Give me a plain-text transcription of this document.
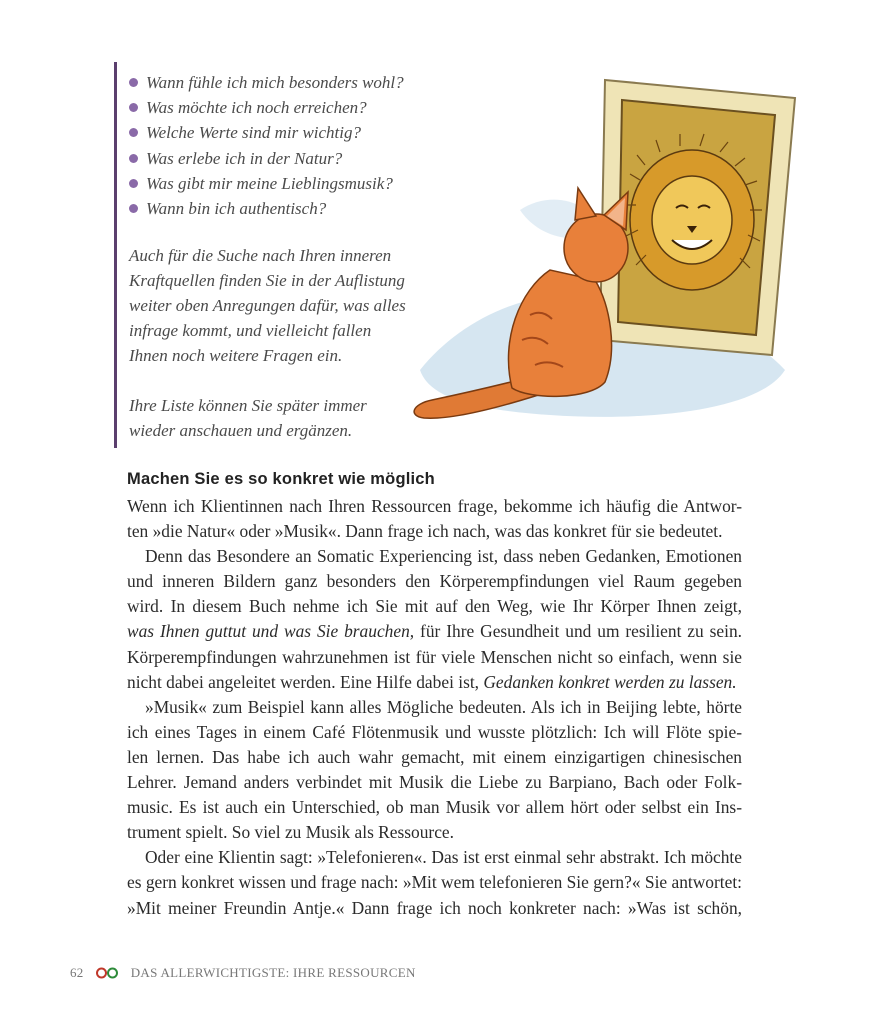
Wann fühle ich mich besonders wohl?
Was möchte ich noch erreichen?
Welche Werte sind mir wichtig?
Was erlebe ich in der Natur?
Was gibt mir meine Lieblingsmusik?
Wann bin ich authentisch?
Auch für die Suche nach Ihren inneren
Kraftquellen finden Sie in der Auflistung
weiter oben Anregungen dafür, was alles
infrage kommt, und vielleicht fallen
Ihnen noch weitere Fragen ein.
Ihre Liste können Sie später immer
wieder anschauen und ergänzen.
Machen Sie es so konkret wie möglich
Wenn ich Klientinnen nach Ihren Ressourcen frage, bekomme ich häufig die Antwor-
ten »die Natur« oder »Musik«. Dann frage ich nach, was das konkret für sie bedeutet.
Denn das Besondere an Somatic Experiencing ist, dass neben Gedanken, Emotionen
und inneren Bildern ganz besonders den Körperempfindungen viel Raum gegeben
wird. In diesem Buch nehme ich Sie mit auf den Weg, wie Ihr Körper Ihnen zeigt,
was Ihnen guttut und was Sie brauchen, für Ihre Gesundheit und um resilient zu sein.
Körperempfindungen wahrzunehmen ist für viele Menschen nicht so einfach, wenn sie
nicht dabei angeleitet werden. Eine Hilfe dabei ist, Gedanken konkret werden zu lassen.
»Musik« zum Beispiel kann alles Mögliche bedeuten. Als ich in Beijing lebte, hörte
ich eines Tages in einem Café Flötenmusik und wusste plötzlich: Ich will Flöte spie-
len lernen. Das habe ich auch wahr gemacht, mit einem einzigartigen chinesischen
Lehrer. Jemand anders verbindet mit Musik die Liebe zu Barpiano, Bach oder Folk-
music. Es ist auch ein Unterschied, ob man Musik vor allem hört oder selbst ein Ins-
trument spielt. So viel zu Musik als Ressource.
Oder eine Klientin sagt: »Telefonieren«. Das ist erst einmal sehr abstrakt. Ich möchte
es gern konkret wissen und frage nach: »Mit wem telefonieren Sie gern?« Sie antwortet:
»Mit meiner Freundin Antje.« Dann frage ich noch konkreter nach: »Was ist schön,
62	DAS ALLERWICHTIGSTE: IHRE RESSOURCEN
